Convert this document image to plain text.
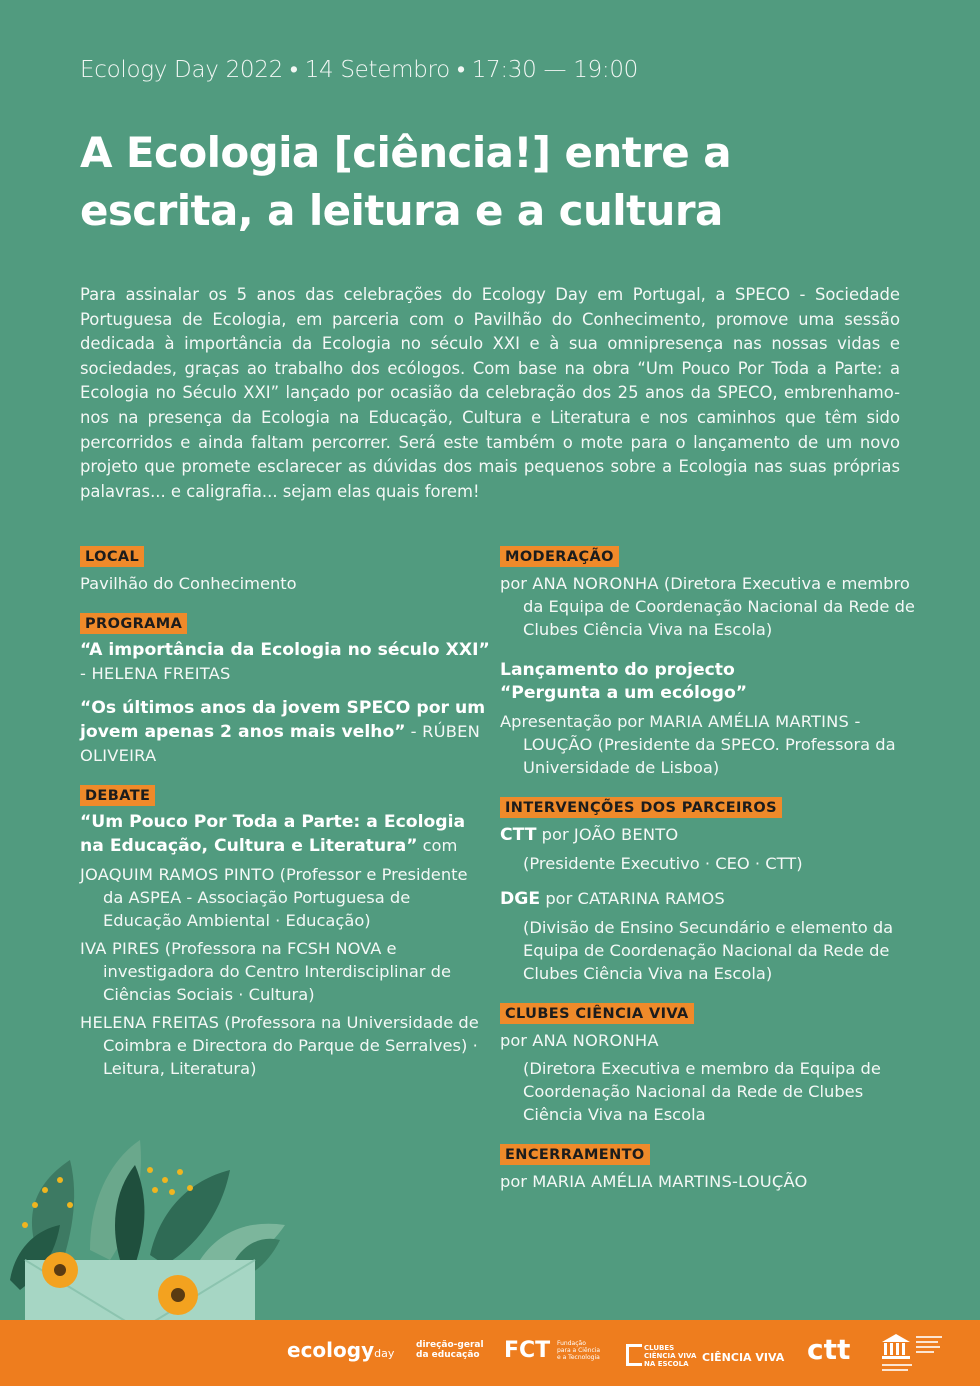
Ecology Day 2022 • 14 Setembro • 17:30 — 19:00
A Ecologia [ciência!] entre a
escrita, a leitura e a cultura

Para assinalar os 5 anos das celebrações do Ecology Day em Portugal, a SPECO - Sociedade Portuguesa de Ecologia, em parceria com o Pavilhão do Conhecimento, promove uma sessão dedicada à importância da Ecologia no século XXI e à sua omnipresença nas nossas vidas e sociedades, graças ao trabalho dos ecólogos. Com base na obra “Um Pouco Por Toda a Parte: a Ecologia no Século XXI” lançado por ocasião da celebração dos 25 anos da SPECO, embrenhamo-nos na presença da Ecologia na Educação, Cultura e Literatura e nos caminhos que têm sido percorridos e ainda faltam percorrer. Será este também o mote para o lançamento de um novo projeto que promete esclarecer as dúvidas dos mais pequenos sobre a Ecologia nas suas próprias palavras... e caligrafia... sejam elas quais forem!

LOCAL
Pavilhão do Conhecimento
PROGRAMA
“A importância da Ecologia no século XXI” - HELENA FREITAS
“Os últimos anos da jovem SPECO por um jovem apenas 2 anos mais velho” - RÚBEN OLIVEIRA
DEBATE
“Um Pouco Por Toda a Parte: a Ecologia na Educação, Cultura e Literatura” com
JOAQUIM RAMOS PINTO (Professor e Presidente da ASPEA - Associação Portuguesa de Educação Ambiental · Educação)
IVA PIRES (Professora na FCSH NOVA e investigadora do Centro Interdisciplinar de Ciências Sociais · Cultura)
HELENA FREITAS (Professora na Universidade de Coimbra e Directora do Parque de Serralves) · Leitura, Literatura)
MODERAÇÃO
por ANA NORONHA (Diretora Executiva e membro da Equipa de Coordenação Nacional da Rede de Clubes Ciência Viva na Escola)
Lançamento do projecto
“Pergunta a um ecólogo”
Apresentação por MARIA AMÉLIA MARTINS -LOUÇÃO (Presidente da SPECO. Professora da Universidade de Lisboa)
INTERVENÇÕES DOS PARCEIROS
CTT por JOÃO BENTO
(Presidente Executivo · CEO · CTT)
DGE por CATARINA RAMOS
(Divisão de Ensino Secundário e elemento da Equipa de Coordenação Nacional da Rede de Clubes Ciência Viva na Escola)
CLUBES CIÊNCIA VIVA
por ANA NORONHA
(Diretora Executiva e membro da Equipa de Coordenação Nacional da Rede de Clubes Ciência Viva na Escola
ENCERRAMENTO
por MARIA AMÉLIA MARTINS-LOUÇÃO
ecologyday
direção-geral
da educação FCT Fundação
para a Ciência
e a Tecnologia
CLUBES
CIÊNCIA VIVA
NA ESCOLA	CIÊNCIA VIVA ctt
